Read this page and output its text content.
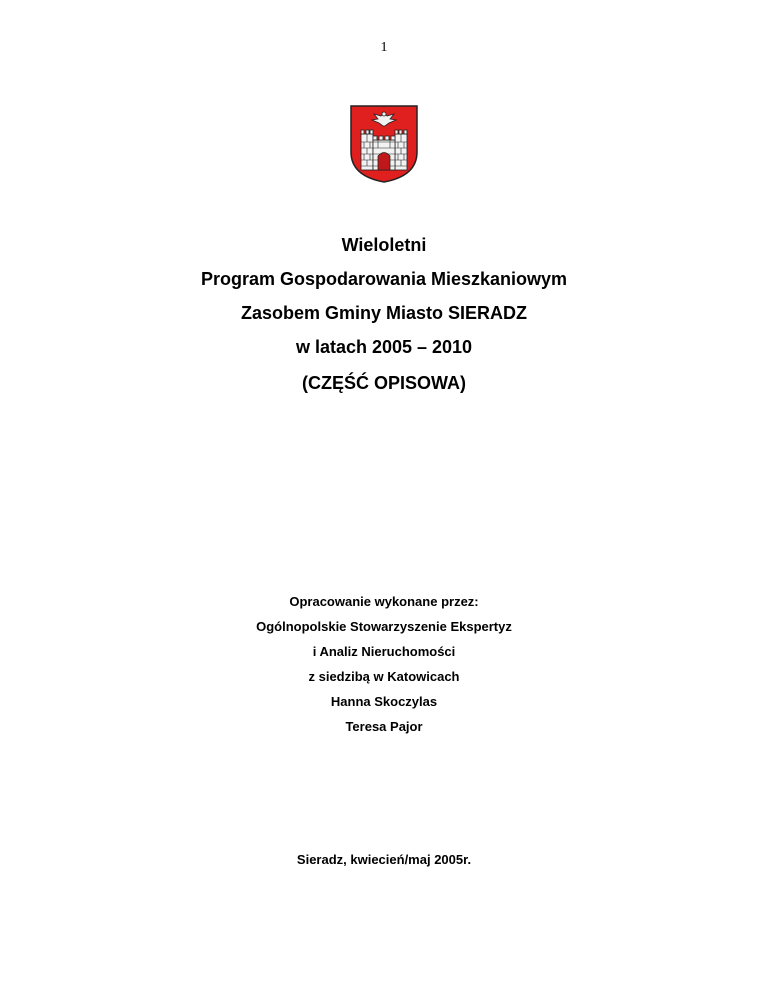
1
Wieloletni
Program Gospodarowania Mieszkaniowym
Zasobem Gminy Miasto SIERADZ
w latach 2005 – 2010
(CZĘŚĆ OPISOWA)
Opracowanie wykonane przez:
Ogólnopolskie Stowarzyszenie Ekspertyz
i Analiz Nieruchomości
z siedzibą w Katowicach
Hanna Skoczylas
Teresa Pajor
Sieradz, kwiecień/maj 2005r.
